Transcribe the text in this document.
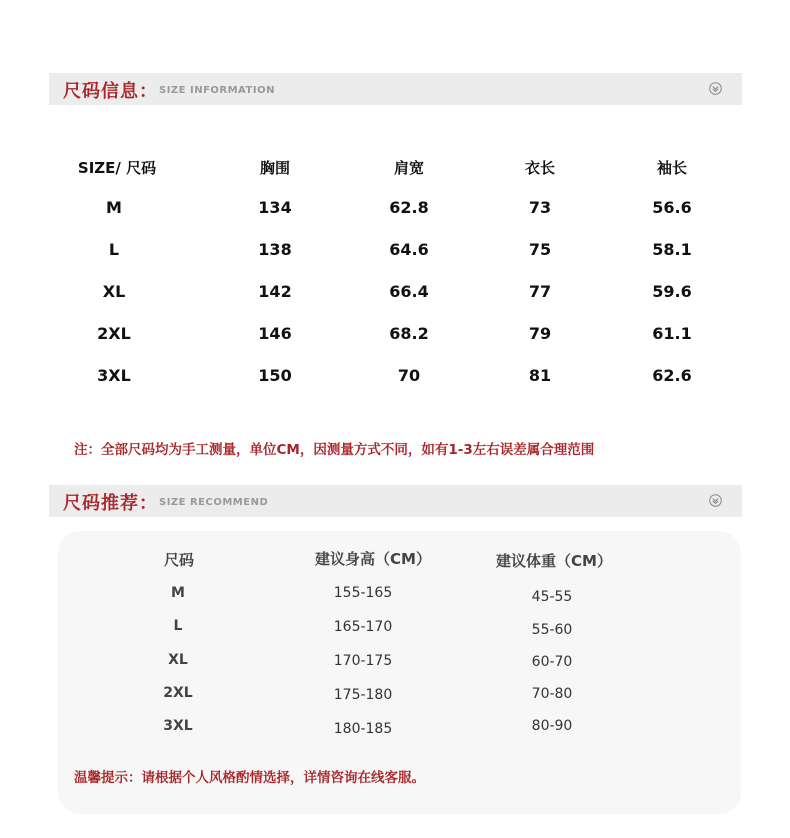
尺码信息： SIZE INFORMATION
SIZE/ 尺码	胸围	肩宽	衣长	袖长
M	134	62.8	73	56.6
L	138	64.6	75	58.1
XL	142	66.4	77	59.6
2XL	146	68.2	79	61.1
3XL	150	70	81	62.6
注：全部尺码均为手工测量，单位CM，因测量方式不同，如有1-3左右误差属合理范围
尺码推荐： SIZE RECOMMEND
尺码	建议身高（CM）	建议体重（CM）
M	155-165	45-55
L	165-170	55-60
XL	170-175	60-70
2XL	175-180	70-80
3XL	180-185	80-90
温馨提示：请根据个人风格酌情选择，详情咨询在线客服。
